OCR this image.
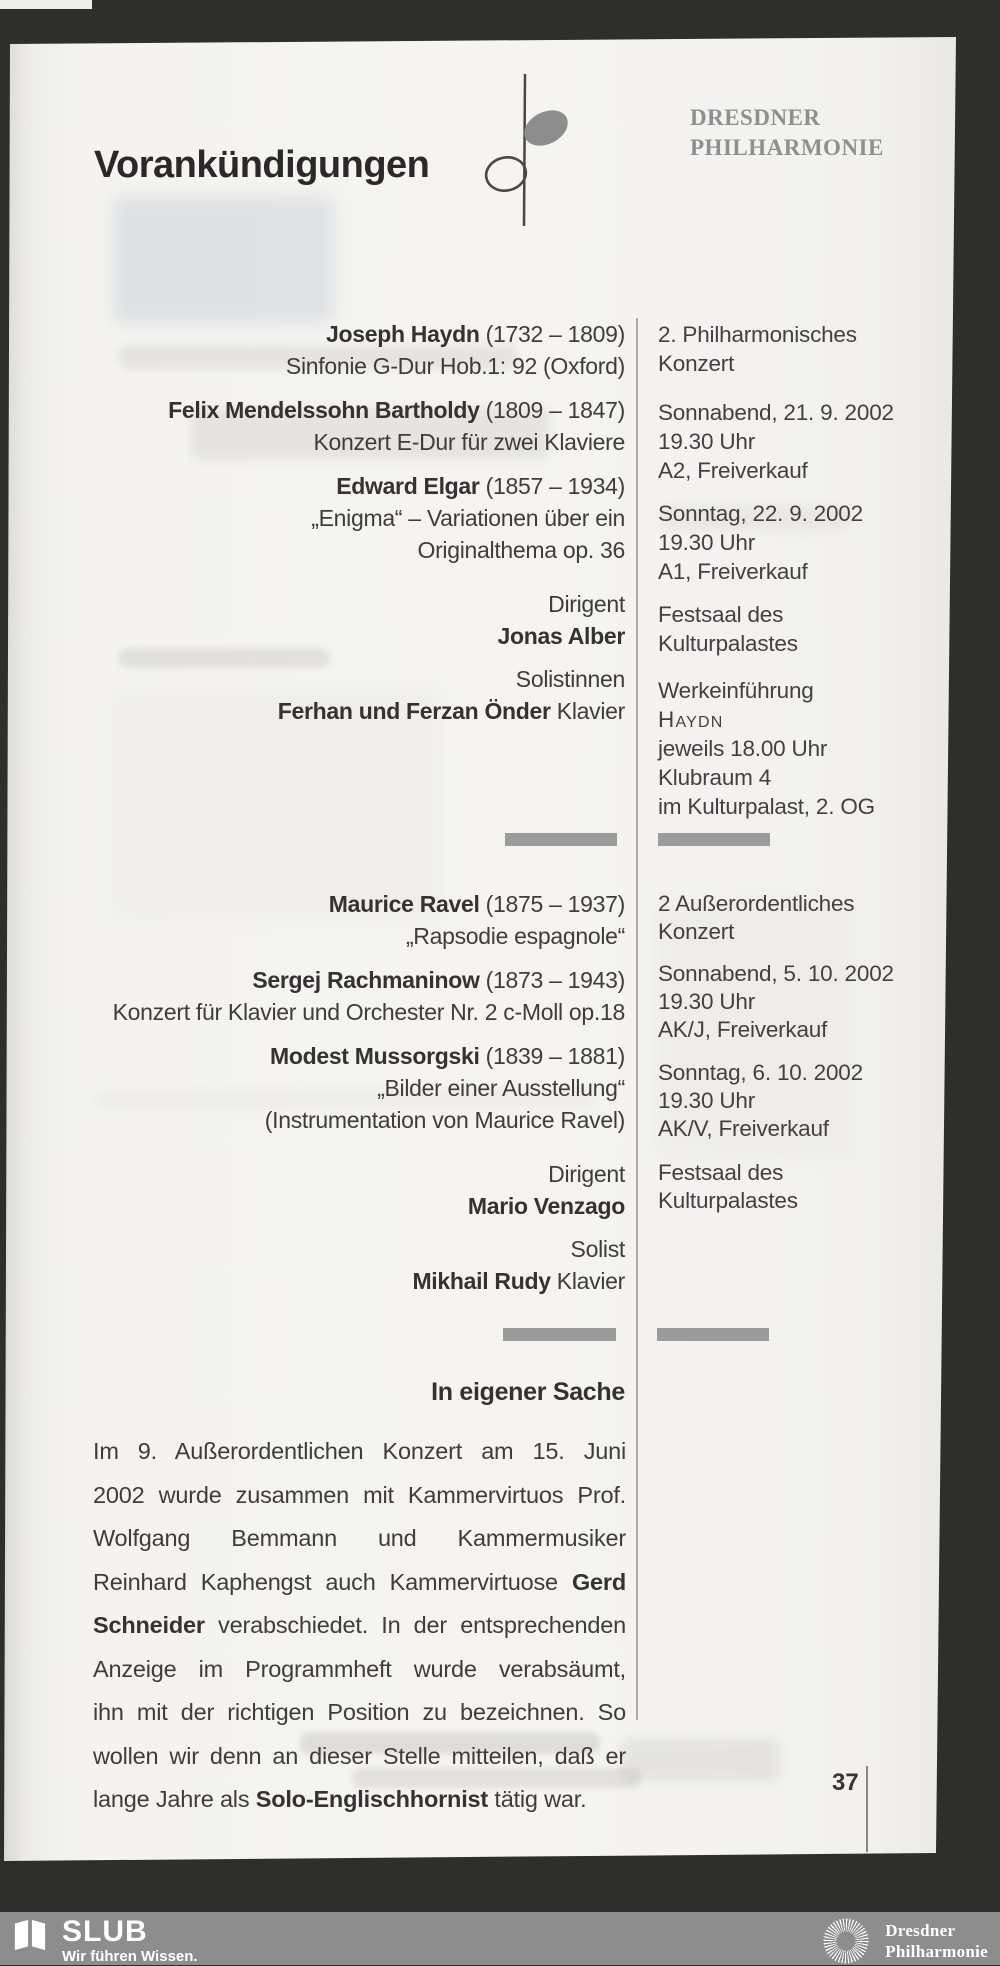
DRESDNER
PHILHARMONIE
Vorankündigungen
Joseph Haydn (1732 – 1809)
Sinfonie G-Dur Hob.1: 92 (Oxford)
Felix Mendelssohn Bartholdy (1809 – 1847)
Konzert E-Dur für zwei Klaviere
Edward Elgar (1857 – 1934)
„Enigma“ – Variationen über ein
Originalthema op. 36
Dirigent
Jonas Alber
Solistinnen
Ferhan und Ferzan Önder Klavier
2. Philharmonisches
Konzert
Sonnabend, 21. 9. 2002
19.30 Uhr
A2, Freiverkauf
Sonntag, 22. 9. 2002
19.30 Uhr
A1, Freiverkauf
Festsaal des
Kulturpalastes
Werkeinführung
Haydn
jeweils 18.00 Uhr
Klubraum 4
im Kulturpalast, 2. OG
Maurice Ravel (1875 – 1937)
„Rapsodie espagnole“
Sergej Rachmaninow (1873 – 1943)
Konzert für Klavier und Orchester Nr. 2 c-Moll op.18
Modest Mussorgski (1839 – 1881)
„Bilder einer Ausstellung“
(Instrumentation von Maurice Ravel)
Dirigent
Mario Venzago
Solist
Mikhail Rudy Klavier
2 Außerordentliches
Konzert
Sonnabend, 5. 10. 2002
19.30 Uhr
AK/J, Freiverkauf
Sonntag, 6. 10. 2002
19.30 Uhr
AK/V, Freiverkauf
Festsaal des
Kulturpalastes
In eigener Sache
Im 9. Außerordentlichen Konzert am 15. Juni
2002 wurde zusammen mit Kammervirtuos Prof.
Wolfgang Bemmann und Kammermusiker
Reinhard Kaphengst auch Kammervirtuose Gerd
Schneider verabschiedet. In der entsprechenden
Anzeige im Programmheft wurde verabsäumt,
ihn mit der richtigen Position zu bezeichnen. So
wollen wir denn an dieser Stelle mitteilen, daß er
lange Jahre als Solo-Englischhornist tätig war.
37
SLUB
Wir führen Wissen.
Dresdner
Philharmonie
